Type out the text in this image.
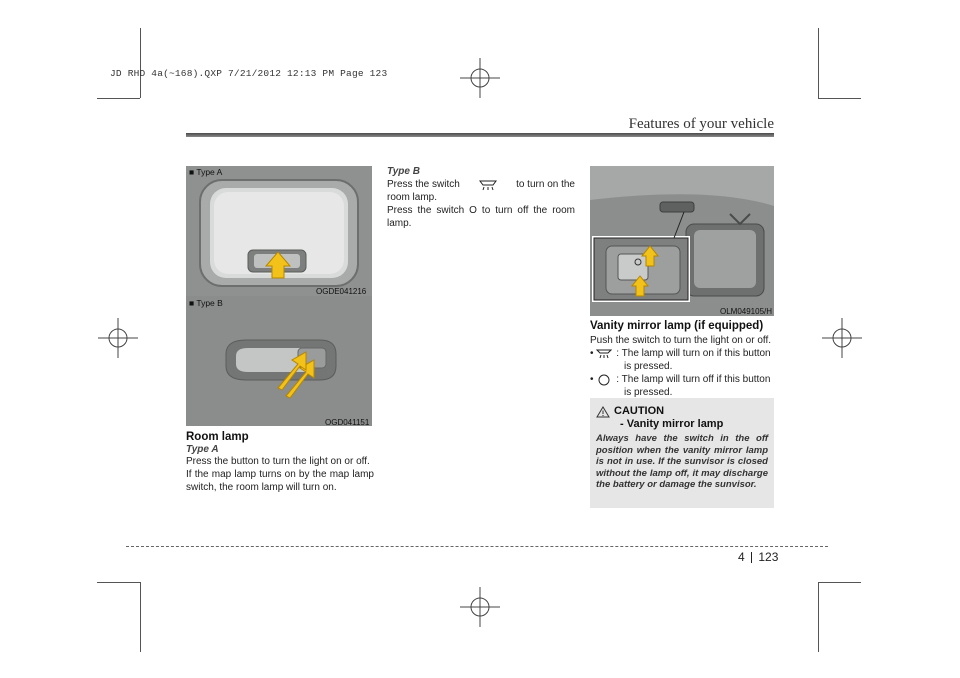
JD RHD 4a(~168).QXP 7/21/2012 12:13 PM Page 123
Features of your vehicle
■ Type A
OGDE041216
■ Type B
OGD041151
Room lamp
Type A
Press the button to turn the light on or off.
If the map lamp turns on by the map lamp switch, the room lamp will turn on.
Type B
Press the switch	to turn on the
room lamp.
Press the switch O to turn off the room lamp.
OLM049105/H
Vanity mirror lamp (if equipped)
Push the switch to turn the light on or off.
• : The lamp will turn on if this button
is pressed.
• : The lamp will turn off if this button
is pressed.
CAUTION
- Vanity mirror lamp
Always have the switch in the off position when the vanity mirror lamp is not in use. If the sunvisor is closed without the lamp off, it may discharge the battery or damage the sunvisor.
4 123
